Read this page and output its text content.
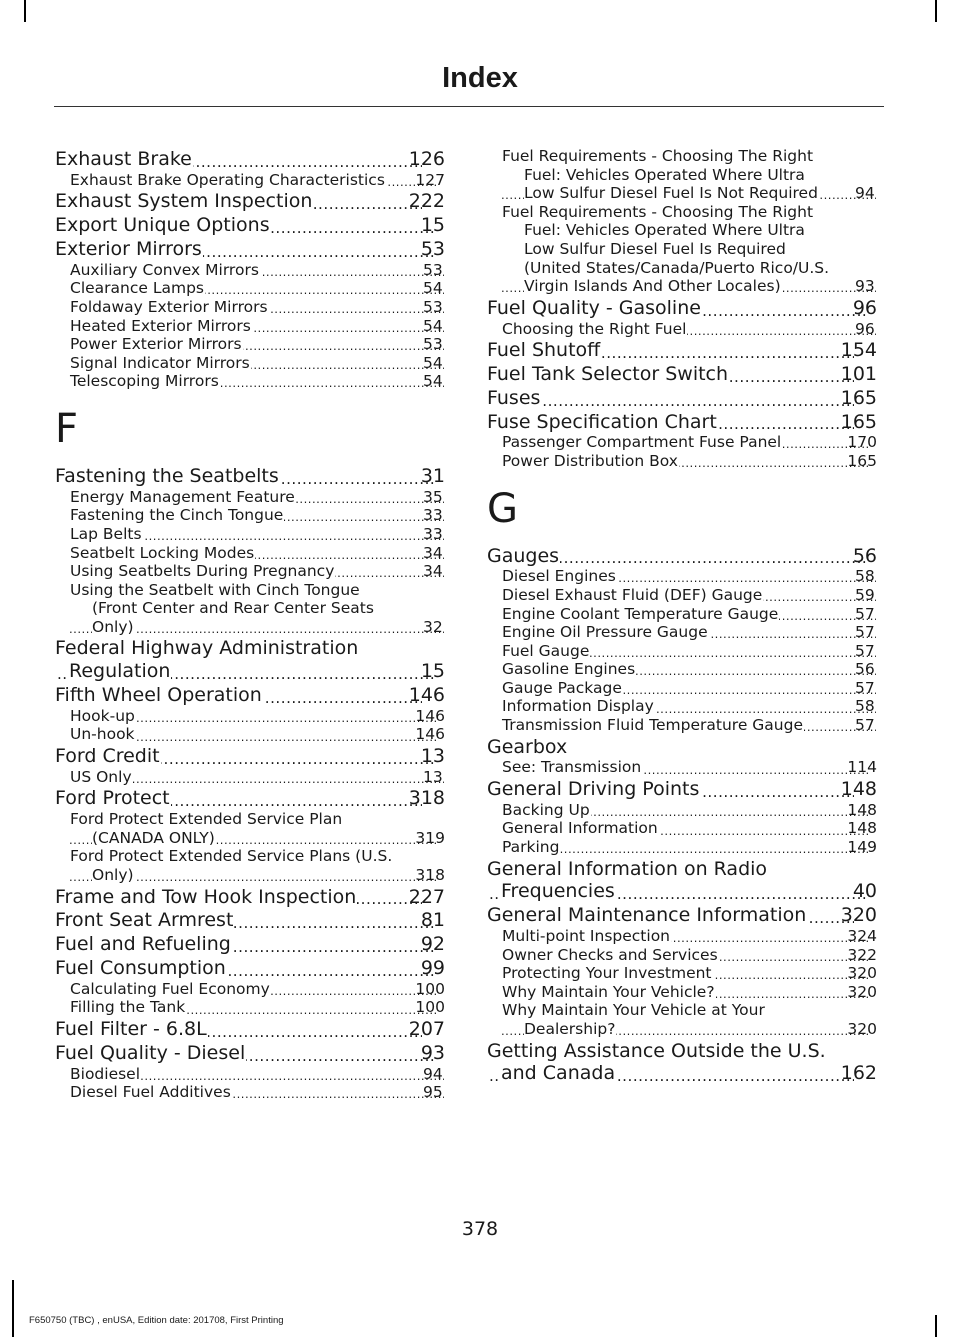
Index
.....
Exhaust Brake	126
.....
Exhaust Brake Operating Characteristics 127
.....
Exhaust System Inspection	222
.....
Export Unique Options	15
.....
Exterior Mirrors	53
.....
Auxiliary Convex Mirrors	53
.....
Clearance Lamps	54
.....
Foldaway Exterior Mirrors	53
.....
Heated Exterior Mirrors	54
.....
Power Exterior Mirrors	53
.....
Signal Indicator Mirrors	54
.....
Telescoping Mirrors	54
F
.....
Fastening the Seatbelts	31
.....
Energy Management Feature	35
.....
Fastening the Cinch Tongue	33
.....
Lap Belts	33
.....
Seatbelt Locking Modes	34
.....
Using Seatbelts During Pregnancy	34
.....
Using the Seatbelt with Cinch Tongue (Front Center and Rear Center Seats Only)	32
.....
Federal Highway Administration Regulation	15
.....
Fifth Wheel Operation	146
.....
Hook-up	146
.....
Un-hook	146
.....
Ford Credit	13
.....
US Only	13
.....
Ford Protect	318
.....
Ford Protect Extended Service Plan (CANADA ONLY)	319
.....
Ford Protect Extended Service Plans (U.S. Only)	318
.....
Frame and Tow Hook Inspection	227
.....
Front Seat Armrest	81
.....
Fuel and Refueling	92
.....
Fuel Consumption	99
.....
Calculating Fuel Economy	100
.....
Filling the Tank	100
.....
Fuel Filter - 6.8L	207
.....
Fuel Quality - Diesel	93
.....
Biodiesel	94
.....
Diesel Fuel Additives	95
.....
Fuel Requirements - Choosing The Right Fuel: Vehicles Operated Where Ultra Low Sulfur Diesel Fuel Is Not Required 94
.....
Fuel Requirements - Choosing The Right Fuel: Vehicles Operated Where Ultra Low Sulfur Diesel Fuel Is Required (United States/Canada/Puerto Rico/U.S. Virgin Islands And Other Locales)	93
.....
Fuel Quality - Gasoline	96
.....
Choosing the Right Fuel	96
.....
Fuel Shutoff	154
.....
Fuel Tank Selector Switch	101
.....
Fuses	165
.....
Fuse Specification Chart	165
.....
Passenger Compartment Fuse Panel	170
.....
Power Distribution Box	165
G
.....
Gauges	56
.....
Diesel Engines	58
.....
Diesel Exhaust Fluid (DEF) Gauge	59
.....
Engine Coolant Temperature Gauge	57
.....
Engine Oil Pressure Gauge	57
.....
Fuel Gauge	57
.....
Gasoline Engines	56
.....
Gauge Package	57
.....
Information Display	58
.....
Transmission Fluid Temperature Gauge	57
Gearbox
.....
See: Transmission	114
.....
General Driving Points	148
.....
Backing Up	148
.....
General Information	148
.....
Parking	149
.....
General Information on Radio Frequencies	40
.....
General Maintenance Information 320
.....
Multi-point Inspection	324
.....
Owner Checks and Services	322
.....
Protecting Your Investment	320
.....
Why Maintain Your Vehicle?	320
.....
Why Maintain Your Vehicle at Your Dealership?	320
.....
Getting Assistance Outside the U.S. and Canada	162
378
F650750 (TBC) , enUSA, Edition date: 201708, First Printing
